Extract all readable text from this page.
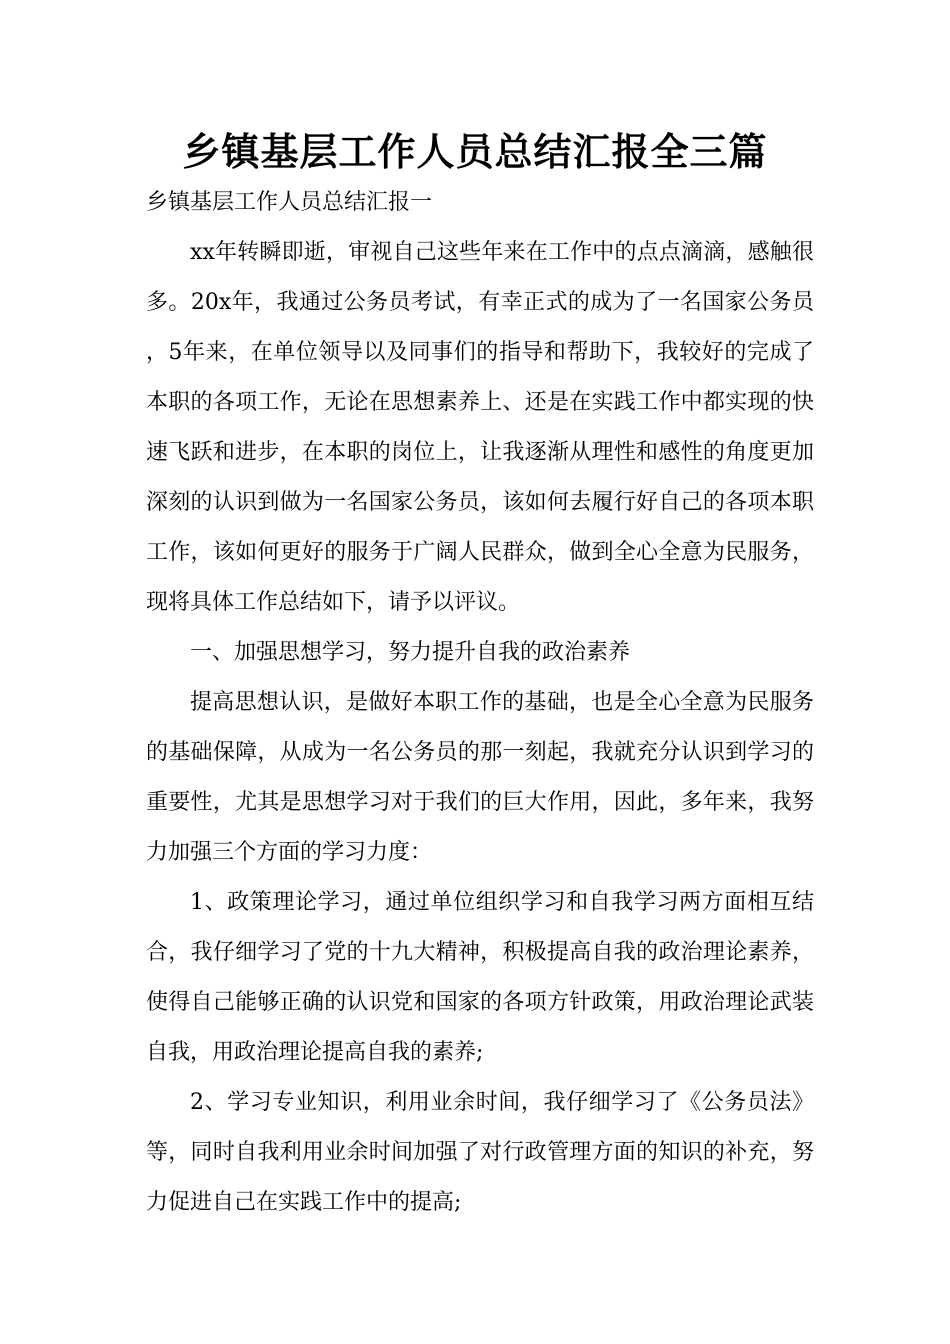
乡镇基层工作人员总结汇报全三篇

乡镇基层工作人员总结汇报一

xx年转瞬即逝，审视自己这些年来在工作中的点点滴滴，感触很多。20x年，我通过公务员考试，有幸正式的成为了一名国家公务员，5年来，在单位领导以及同事们的指导和帮助下，我较好的完成了本职的各项工作，无论在思想素养上、还是在实践工作中都实现的快速飞跃和进步，在本职的岗位上，让我逐渐从理性和感性的角度更加深刻的认识到做为一名国家公务员，该如何去履行好自己的各项本职工作，该如何更好的服务于广阔人民群众，做到全心全意为民服务，现将具体工作总结如下，请予以评议。

一、加强思想学习，努力提升自我的政治素养

提高思想认识，是做好本职工作的基础，也是全心全意为民服务的基础保障，从成为一名公务员的那一刻起，我就充分认识到学习的重要性，尤其是思想学习对于我们的巨大作用，因此，多年来，我努力加强三个方面的学习力度：

1、政策理论学习，通过单位组织学习和自我学习两方面相互结合，我仔细学习了党的十九大精神，积极提高自我的政治理论素养，使得自己能够正确的认识党和国家的各项方针政策，用政治理论武装自我，用政治理论提高自我的素养;

2、学习专业知识，利用业余时间，我仔细学习了《公务员法》等，同时自我利用业余时间加强了对行政管理方面的知识的补充，努力促进自己在实践工作中的提高;
